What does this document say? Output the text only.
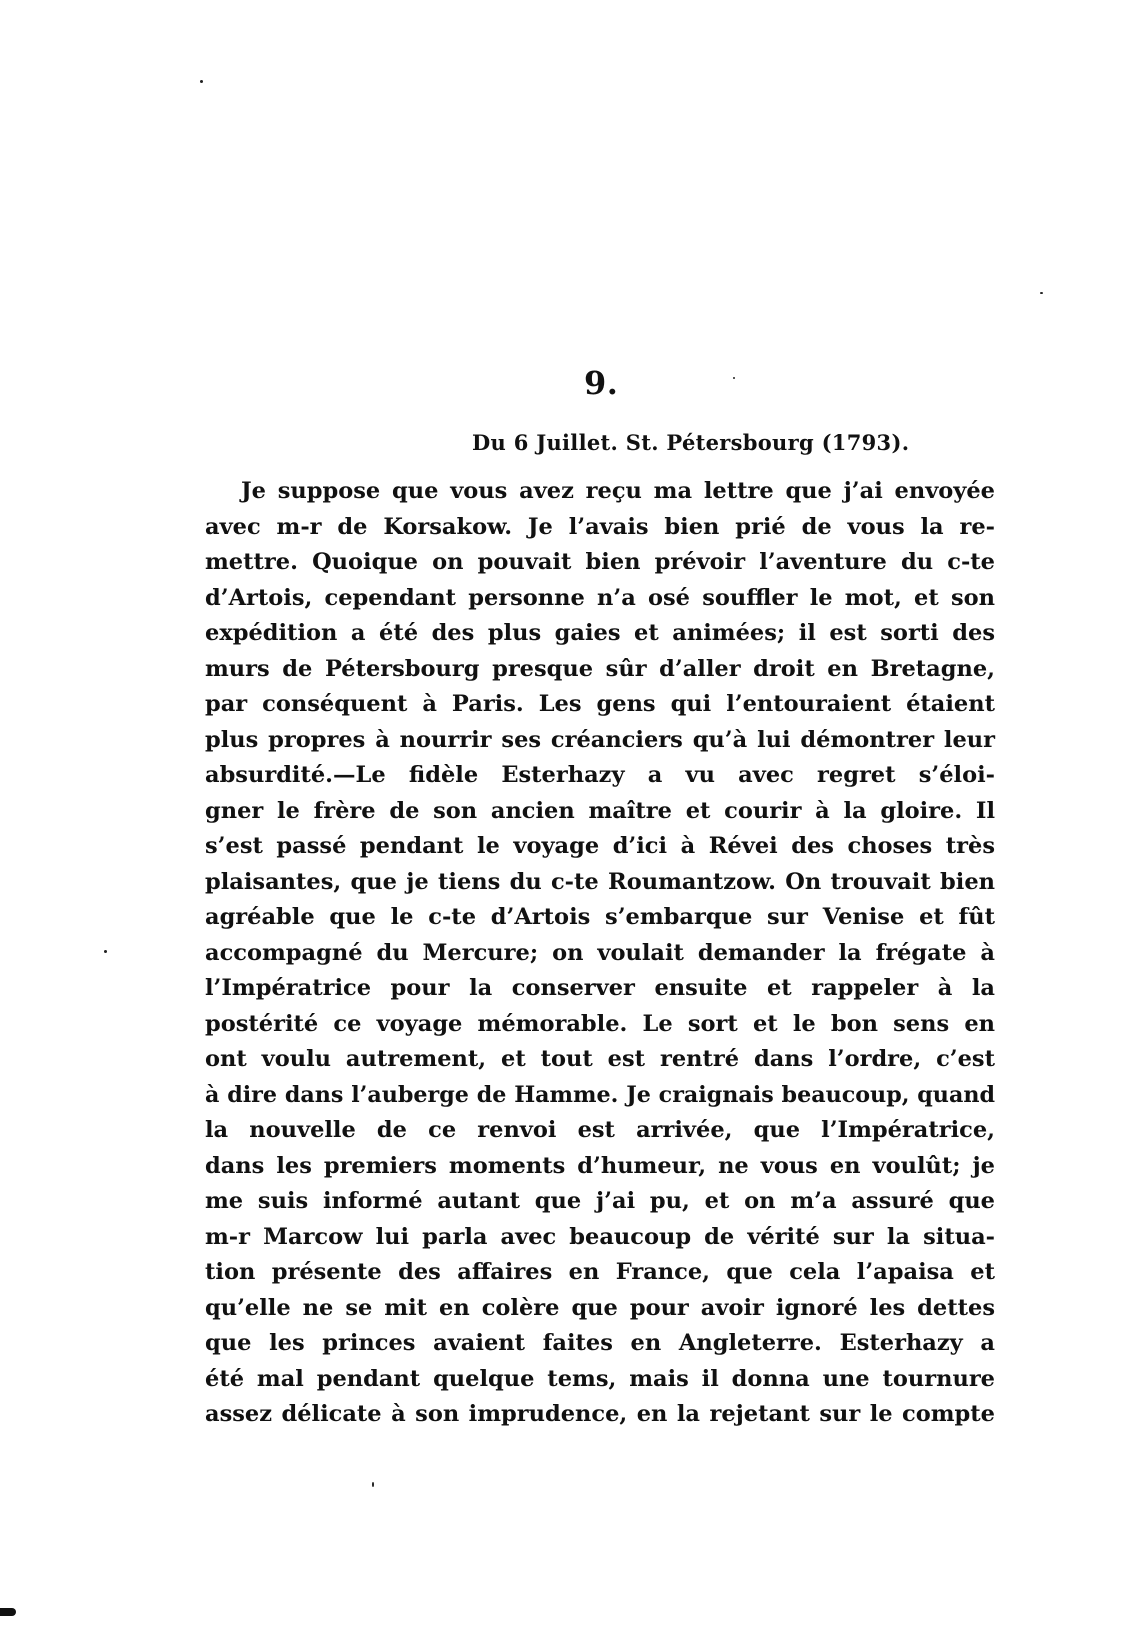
9.

Du 6 Juillet. St. Pétersbourg (1793).

Je suppose que vous avez reçu ma lettre que j’ai envoyée
avec m-r de Korsakow. Je l’avais bien prié de vous la re-
mettre. Quoique on pouvait bien prévoir l’aventure du c-te
d’Artois, cependant personne n’a osé souffler le mot, et son
expédition a été des plus gaies et animées; il est sorti des
murs de Pétersbourg presque sûr d’aller droit en Bretagne,
par conséquent à Paris. Les gens qui l’entouraient étaient
plus propres à nourrir ses créanciers qu’à lui démontrer leur
absurdité.—Le fidèle Esterhazy a vu avec regret s’éloi-
gner le frère de son ancien maître et courir à la gloire. Il
s’est passé pendant le voyage d’ici à Révei des choses très
plaisantes, que je tiens du c-te Roumantzow. On trouvait bien
agréable que le c-te d’Artois s’embarque sur Venise et fût
accompagné du Mercure; on voulait demander la frégate à
l’Impératrice pour la conserver ensuite et rappeler à la
postérité ce voyage mémorable. Le sort et le bon sens en
ont voulu autrement, et tout est rentré dans l’ordre, c’est
à dire dans l’auberge de Hamme. Je craignais beaucoup, quand
la nouvelle de ce renvoi est arrivée, que l’Impératrice,
dans les premiers moments d’humeur, ne vous en voulût; je
me suis informé autant que j’ai pu, et on m’a assuré que
m-r Marcow lui parla avec beaucoup de vérité sur la situa-
tion présente des affaires en France, que cela l’apaisa et
qu’elle ne se mit en colère que pour avoir ignoré les dettes
que les princes avaient faites en Angleterre. Esterhazy a
été mal pendant quelque tems, mais il donna une tournure
assez délicate à son imprudence, en la rejetant sur le compte
